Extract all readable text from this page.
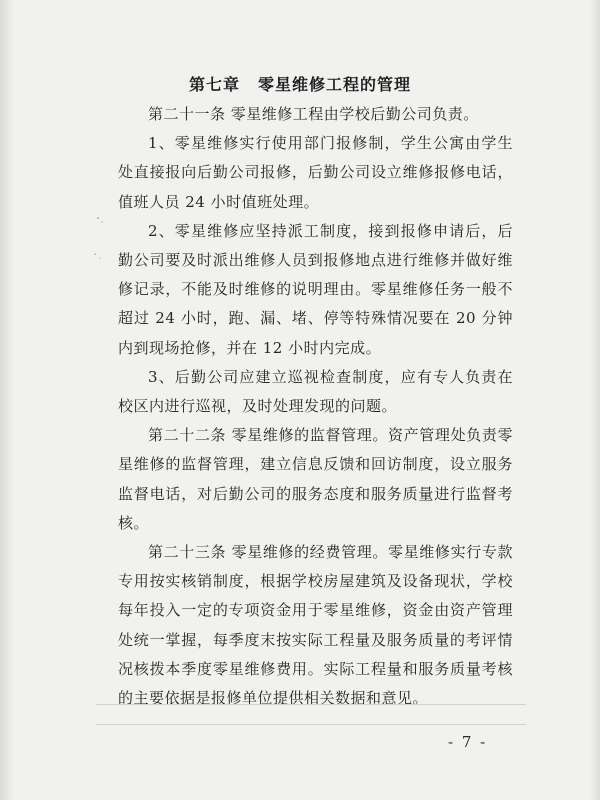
第七章 零星维修工程的管理

第二十一条 零星维修工程由学校后勤公司负责。

1、零星维修实行使用部门报修制，学生公寓由学生处直接报向后勤公司报修，后勤公司设立维修报修电话，值班人员 24 小时值班处理。

2、零星维修应坚持派工制度，接到报修申请后，后勤公司要及时派出维修人员到报修地点进行维修并做好维修记录，不能及时维修的说明理由。零星维修任务一般不超过 24 小时，跑、漏、堵、停等特殊情况要在 20 分钟内到现场抢修，并在 12 小时内完成。

3、后勤公司应建立巡视检查制度，应有专人负责在校区内进行巡视，及时处理发现的问题。

第二十二条 零星维修的监督管理。资产管理处负责零星维修的监督管理，建立信息反馈和回访制度，设立服务监督电话，对后勤公司的服务态度和服务质量进行监督考核。

第二十三条 零星维修的经费管理。零星维修实行专款专用按实核销制度，根据学校房屋建筑及设备现状，学校每年投入一定的专项资金用于零星维修，资金由资产管理处统一掌握，每季度末按实际工程量及服务质量的考评情况核拨本季度零星维修费用。实际工程量和服务质量考核的主要依据是报修单位提供相关数据和意见。

- 7 -
